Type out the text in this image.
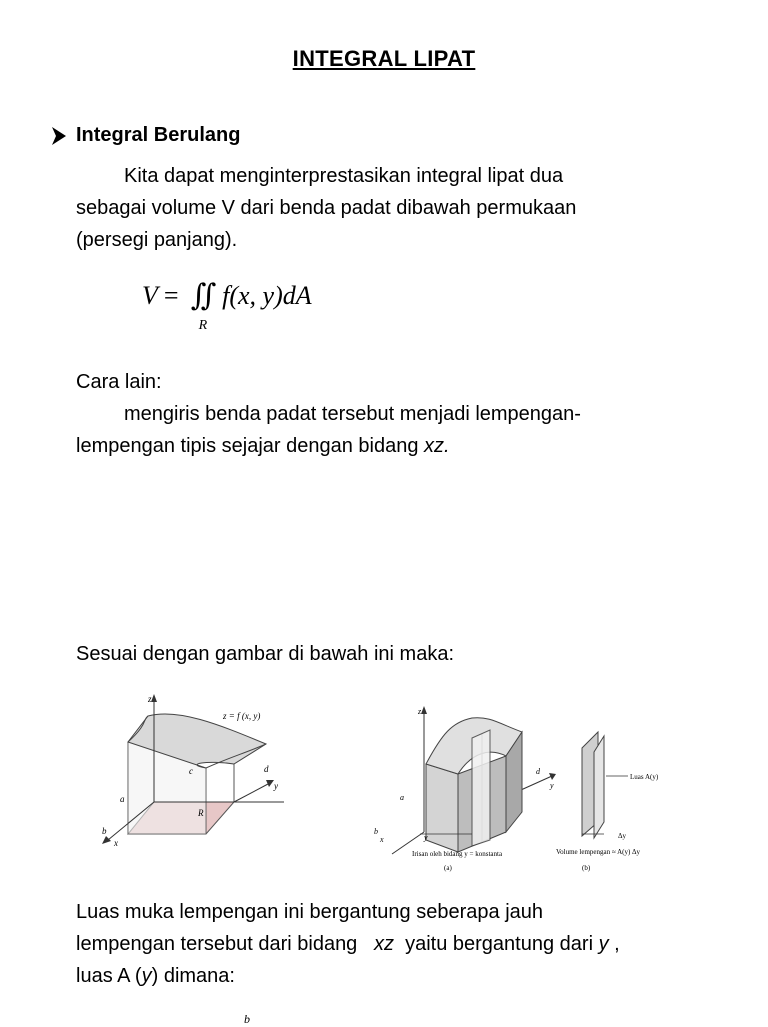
INTEGRAL LIPAT
Integral Berulang
Kita dapat menginterprestasikan integral lipat dua
sebagai volume V dari benda padat dibawah permukaan
(persegi panjang).
V = ∬
R
f(x, y)dA
Cara lain:
mengiris benda padat tersebut menjadi lempengan-
lempengan tipis sejajar dengan bidang xz.
Sesuai dengan gambar di bawah ini maka:
z
z = f (x, y)
c	d
y
a
R
b
x
z
d
y
a
b
x	y
Irisan oleh bidang y = konstanta
(a)
Luas A(y)
Δy
Volume lempengan ≈ A(y) Δy
(b)
Luas muka lempengan ini bergantung seberapa jauh
lempengan tersebut dari bidang   xz  yaitu bergantung dari y ,
luas A (y) dimana:
b
